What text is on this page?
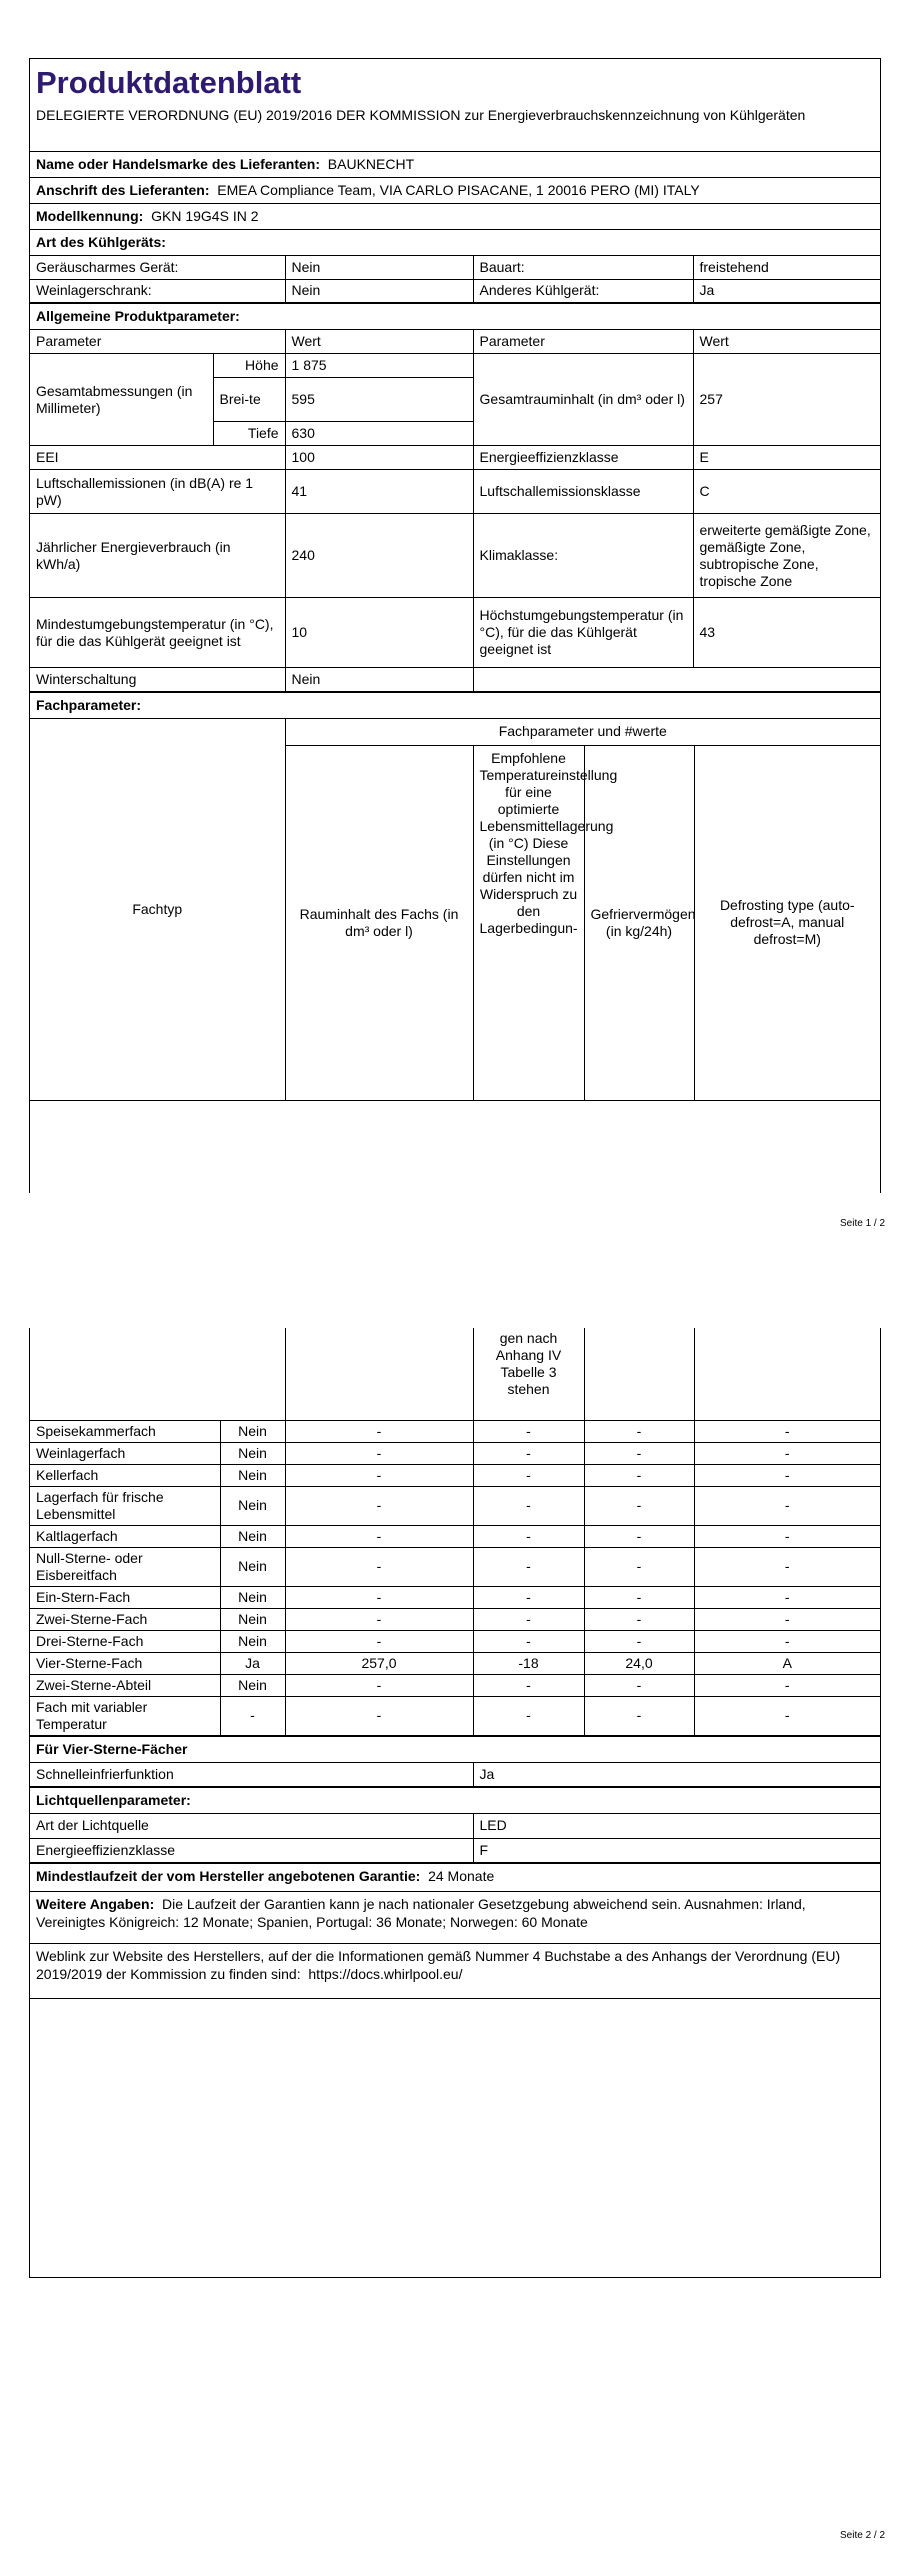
Produktdatenblatt
DELEGIERTE VERORDNUNG (EU) 2019/2016 DER KOMMISSION zur Energieverbrauchskennzeichnung von Kühlgeräten
Name oder Handelsmarke des Lieferanten: BAUKNECHT
Anschrift des Lieferanten: EMEA Compliance Team, VIA CARLO PISACANE, 1 20016 PERO (MI) ITALY
Modellkennung: GKN 19G4S IN 2
Art des Kühlgeräts:
Geräuscharmes Gerät:	Nein	Bauart:	freistehend
Weinlagerschrank:	Nein	Anderes Kühlgerät:	Ja
Allgemeine Produktparameter:
Parameter		Wert	Parameter	Wert
Gesamtabmessungen (in Millimeter)	Höhe	1 875	Gesamtrauminhalt (in dm³ oder l)	257
	Brei-te	595		
	Tiefe	630		
EEI		100	Energieeffizienzklasse	E
Luftschallemissionen (in dB(A) re 1 pW)		41	Luftschallemissionsklasse	C
Jährlicher Energieverbrauch (in kWh/a)		240	Klimaklasse:	erweiterte gemäßigte Zone, gemäßigte Zone, subtropische Zone, tropische Zone
Mindestumgebungstemperatur (in °C), für die das Kühlgerät geeignet ist		10	Höchstumgebungstemperatur (in °C), für die das Kühlgerät geeignet ist	43
Winterschaltung		Nein		
Fachparameter:
Fachtyp	Fachparameter und #werte			
	Rauminhalt des Fachs (in dm³ oder l)	Empfohlene Temperatureinstellung für eine optimierte Lebensmittellagerung (in °C) Diese Einstellungen dürfen nicht im Widerspruch zu den Lagerbedingun-	Gefriervermögen (in kg/24h)	Defrosting type (auto-defrost=A, manual defrost=M)
Seite 1 / 2
			gen nach Anhang IV Tabelle 3 stehen		
Speisekammerfach	Nein	-	-	-	-
Weinlagerfach	Nein	-	-	-	-
Kellerfach	Nein	-	-	-	-
Lagerfach für frische Lebensmittel	Nein	-	-	-	-
Kaltlagerfach	Nein	-	-	-	-
Null-Sterne- oder Eisbereitfach	Nein	-	-	-	-
Ein-Stern-Fach	Nein	-	-	-	-
Zwei-Sterne-Fach	Nein	-	-	-	-
Drei-Sterne-Fach	Nein	-	-	-	-
Vier-Sterne-Fach	Ja	257,0	-18	24,0	A
Zwei-Sterne-Abteil	Nein	-	-	-	-
Fach mit variabler Temperatur	-	-	-	-	-
Für Vier-Sterne-Fächer
Schnelleinfrierfunktion	Ja
Lichtquellenparameter:
Art der Lichtquelle	LED
Energieeffizienzklasse	F
Mindestlaufzeit der vom Hersteller angebotenen Garantie: 24 Monate
Weitere Angaben: Die Laufzeit der Garantien kann je nach nationaler Gesetzgebung abweichend sein. Ausnahmen: Irland, Vereinigtes Königreich: 12 Monate; Spanien, Portugal: 36 Monate; Norwegen: 60 Monate
Weblink zur Website des Herstellers, auf der die Informationen gemäß Nummer 4 Buchstabe a des Anhangs der Verordnung (EU) 2019/2019 der Kommission zu finden sind: https://docs.whirlpool.eu/
Seite 2 / 2
